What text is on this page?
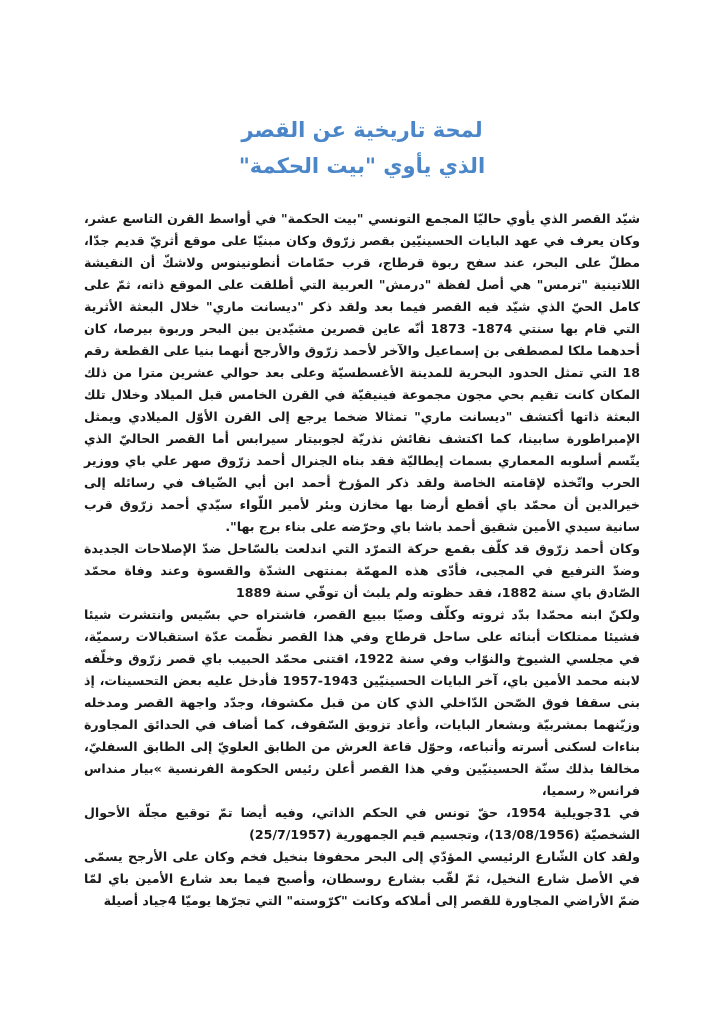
لمحة تاريخية عن القصر
الذي يأوي "بيت الحكمة"

شيّد القصر الذي يأوي حاليّا المجمع التونسي "بيت الحكمة" في أواسط القرن التاسع عشر، وكان يعرف في عهد البايات الحسينيّين بقصر زرّوق وكان مبنيّا على موقع أثريّ قديم جدّا، مطلّ على البحر، عند سفح ربوة قرطاج، قرب حمّامات أنطونينوس ولاشكّ أن النقيشة اللاتينية "ترمس" هي أصل لفظة "درمش" العربية التي أطلقت على الموقع ذاته، ثمّ على كامل الحيّ الذي شيّد فيه القصر فيما بعد ولقد ذكر "ديسانت ماري" خلال البعثة الأثرية التي قام بها سنتي 1874- 1873 أنّه عاين قصرين مشيّدين بين البحر وربوة بيرصا، كان أحدهما ملكا لمصطفى بن إسماعيل والآخر لأحمد زرّوق والأرجح أنهما بنيا على القطعة رقم 18 التي تمثل الحدود البحرية للمدينة الأغسطسيّة وعلى بعد حوالي عشرين مترا من ذلك المكان كانت تقيم بحي مجون مجموعة فينيقيّة في القرن الخامس قبل الميلاد وخلال تلك البعثة ذاتها أكتشف "ديسانت ماري" تمثالا ضخما يرجع إلى القرن الأوّل الميلادي ويمثل الإمبراطورة سابينا، كما اكتشف نقائش نذريّة لجوبيتار سيرابس أما القصر الحاليّ الذي يتّسم أسلوبه المعماري بسمات إيطاليّة فقد بناه الجنرال أحمد زرّوق صهر علي باي ووزير الحرب واتّخذه لإقامته الخاصة ولقد ذكر المؤرخ أحمد ابن أبي الضّياف في رسائله إلى خيرالدين أن محمّد باي أقطع أرضا بها مخازن وبئر لأمير اللّواء سيّدي أحمد زرّوق قرب سانية سيدي الأمين شقيق أحمد باشا باي وحرّضه على بناء برج بها".

وكان أحمد زرّوق قد كلّف بقمع حركة التمرّد التي اندلعت بالسّاحل ضدّ الإصلاحات الجديدة وضدّ الترفيع في المجبى، فأدّى هذه المهمّة بمنتهى الشدّة والقسوة وعند وفاة محمّد الصّادق باي سنة 1882، فقد حظوته ولم يلبث أن توفّي سنة 1889

ولكنّ ابنه محمّدا بدّد ثروته وكلّف وصيّا ببيع القصر، فاشتراه حي بسّيس وانتشرت شيئا فشيئا ممتلكات أبنائه على ساحل قرطاج وفي هذا القصر نظّمت عدّة استقبالات رسميّة، في مجلسي الشيوخ والنوّاب وفي سنة 1922، اقتنى محمّد الحبيب باي قصر زرّوق وخلّفه لابنه محمد الأمين باي، آخر البايات الحسينيّين 1943-1957 فأدخل عليه بعض التحسينات، إذ بنى سقفا فوق الصّحن الدّاخلي الذي كان من قبل مكشوفا، وجدّد واجهة القصر ومدخله وزيّنهما بمشربيّة وبشعار البايات، وأعاد تزويق السّقوف، كما أضاف في الحدائق المجاورة بناءات لسكنى أسرته وأتباعه، وحوّل قاعة العرش من الطابق العلويّ إلى الطابق السفليّ، مخالفا بذلك سنّة الحسينيّين وفي هذا القصر أعلن رئيس الحكومة الفرنسية »بيار منداس فرانس« رسميا،

في 31جويلية 1954، حقّ تونس في الحكم الذاتي، وفيه أيضا تمّ توقيع مجلّة الأحوال الشخصيّة (13/08/1956)، وتجسيم قيم الجمهورية (25/7/1957)

ولقد كان الشّارع الرئيسي المؤدّي إلى البحر محفوفا بنخيل فخم وكان على الأرجح يسمّى في الأصل شارع النخيل، ثمّ لقّب بشارع روسطان، وأصبح فيما بعد شارع الأمين باي لمّا ضمّ الأراضي المجاورة للقصر إلى أملاكه وكانت "كرّوسته" التي تجرّها يوميّا 4جياد أصيلة
